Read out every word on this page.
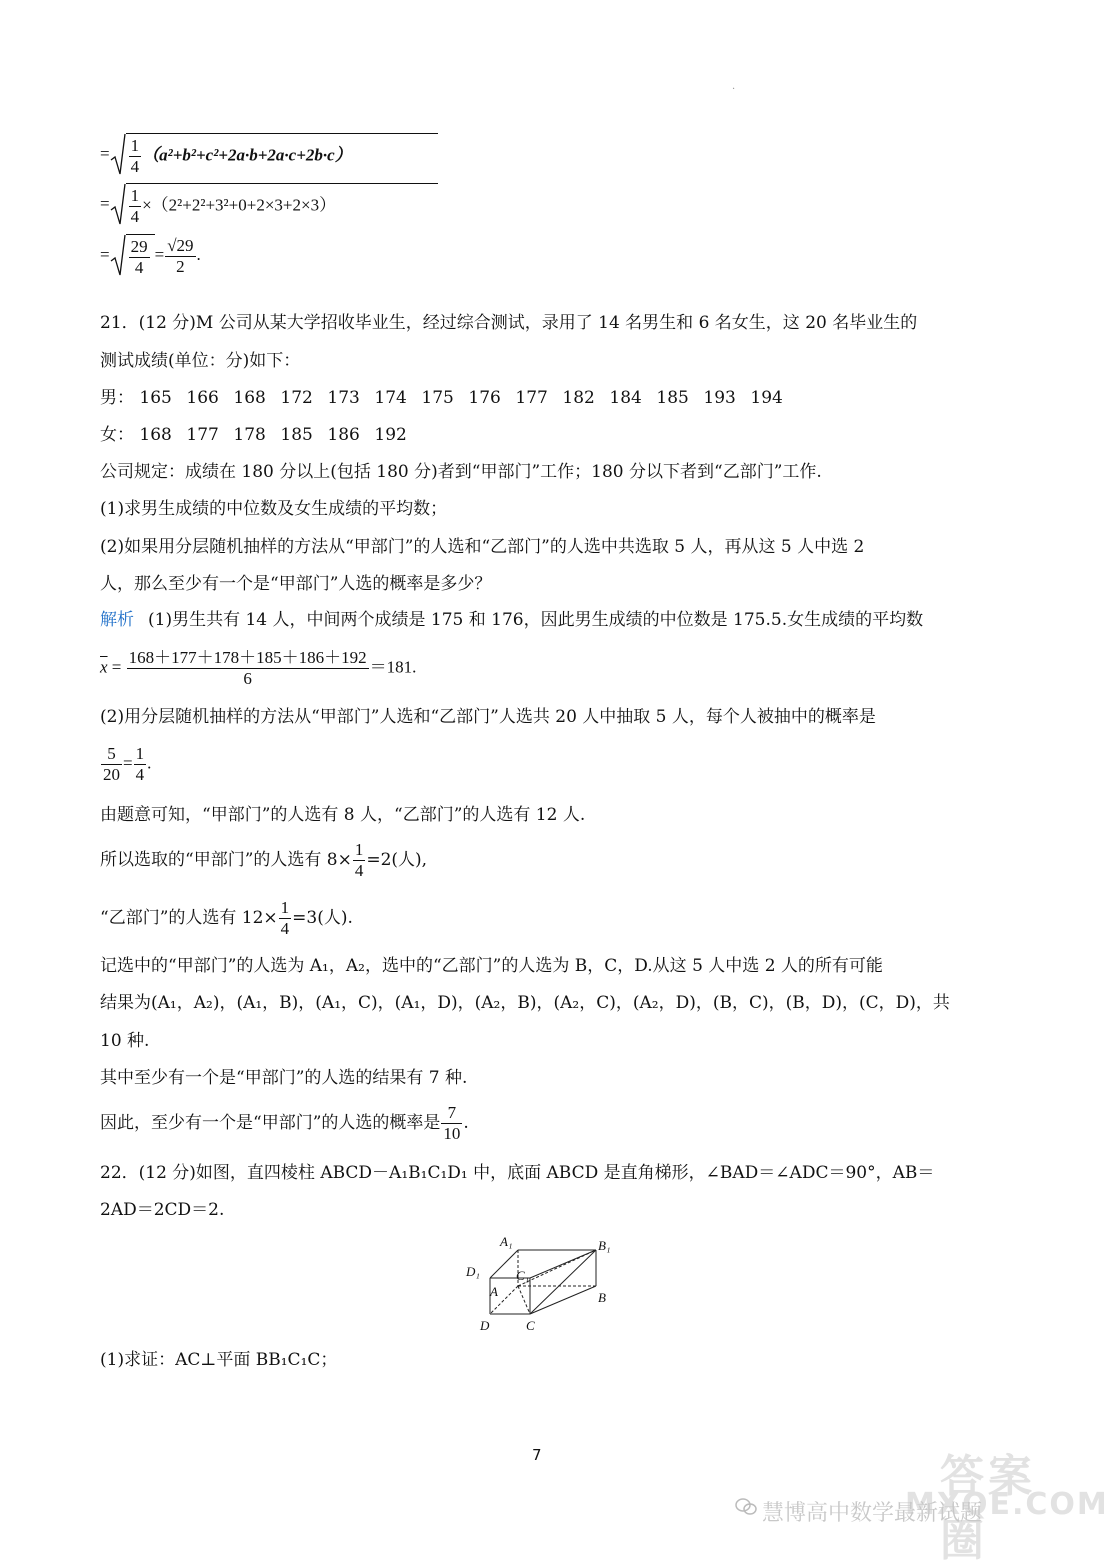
·
= $\frac{1}{4} (a^2+b^2+c^2+2a\cdot b+2a\cdot c+2b\cdot c)$
= $\frac{1}{4} \times(2^2+2^2+3^2+0+2\times 3+2\times 3)$
= $\frac{29}{4} = \frac{√29}{2}$ .
21．(12 分)M 公司从某大学招收毕业生，经过综合测试，录用了 14 名男生和 6 名女生，这 20 名毕业生的
测试成绩(单位：分)如下：
男： 165 166 168 172 173 174 175 176 177 182 184 185 193 194
女： 168 177 178 185 186 192
公司规定：成绩在 180 分以上(包括 180 分)者到“甲部门”工作；180 分以下者到“乙部门”工作.
(1)求男生成绩的中位数及女生成绩的平均数；
(2)如果用分层随机抽样的方法从“甲部门”的人选和“乙部门”的人选中共选取 5 人，再从这 5 人中选 2
人，那么至少有一个是“甲部门”人选的概率是多少？
解析 (1)男生共有 14 人，中间两个成绩是 175 和 176，因此男生成绩的中位数是 175.5.女生成绩的平均数
$\overline{x} = \frac{168+177+178+185+186+192}{6} =181$.
(2)用分层随机抽样的方法从“甲部门”人选和“乙部门”人选共 20 人中抽取 5 人，每个人被抽中的概率是
$\frac{5}{20} = \frac{1}{4}$ .
由题意可知，“甲部门”的人选有 8 人，“乙部门”的人选有 12 人.
所以选取的“甲部门”的人选有 $8\times \frac{1}{4} =2$(人),
“乙部门”的人选有 $12\times \frac{1}{4} =3$(人).
记选中的“甲部门”的人选为 A₁，A₂，选中的“乙部门”的人选为 B，C，D.从这 5 人中选 2 人的所有可能
结果为(A₁，A₂)，(A₁，B)，(A₁，C)，(A₁，D)，(A₂，B)，(A₂，C)，(A₂，D)，(B，C)，(B，D)，(C，D)，共
10 种.
其中至少有一个是“甲部门”的人选的结果有 7 种.
因此，至少有一个是“甲部门”的人选的概率是 $\frac{7}{10}$ .
22．(12 分)如图，直四棱柱 ABCD－A₁B₁C₁D₁ 中，底面 ABCD 是直角梯形，∠BAD＝∠ADC＝90°，AB＝
2AD＝2CD＝2.
A₁	B₁
D₁	C₁
A	B
D	C
(1)求证：AC⊥平面 BB₁C₁C；
7	答案圈
MXQE.COM
慧博高中数学最新试题
